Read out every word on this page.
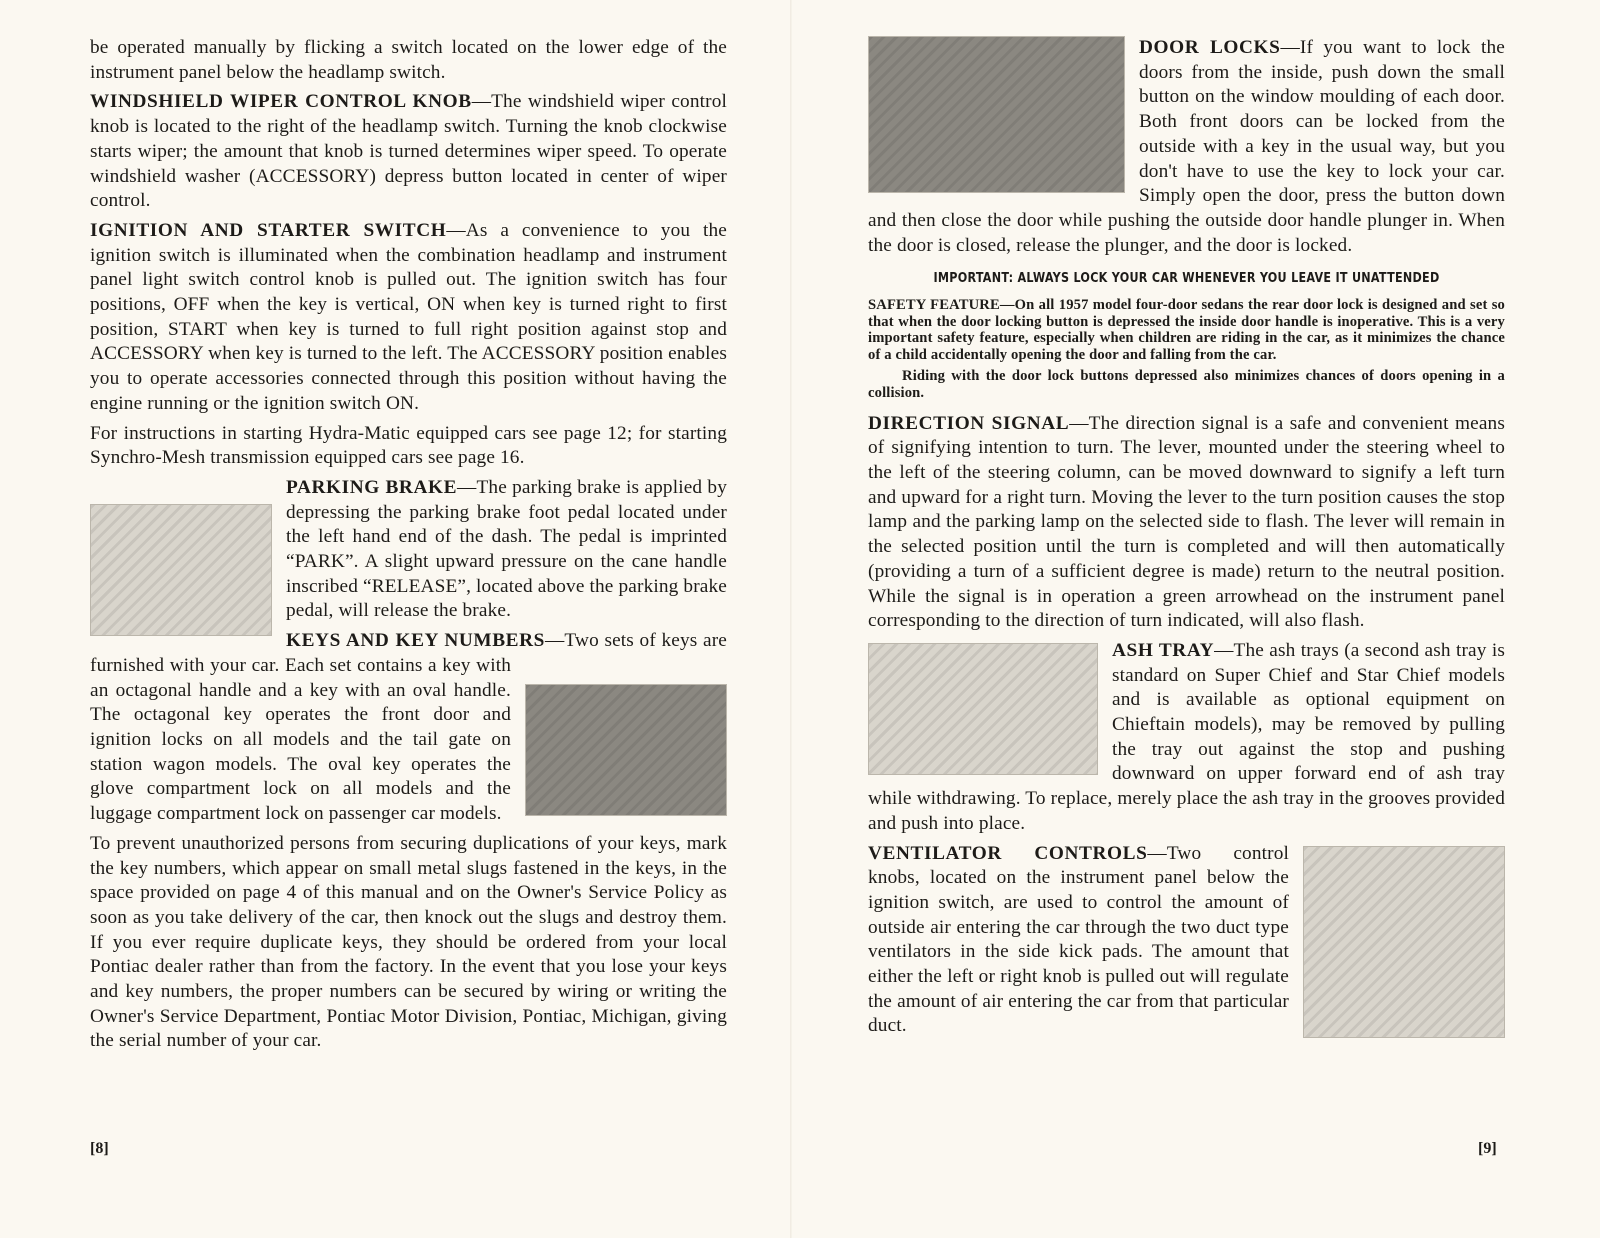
be operated manually by flicking a switch located on the lower edge of the instrument panel below the headlamp switch.

WINDSHIELD WIPER CONTROL KNOB—The windshield wiper control knob is located to the right of the headlamp switch. Turning the knob clockwise starts wiper; the amount that knob is turned determines wiper speed. To operate windshield washer (ACCESSORY) depress button located in center of wiper control.

IGNITION AND STARTER SWITCH—As a convenience to you the ignition switch is illuminated when the combination headlamp and instrument panel light switch control knob is pulled out. The ignition switch has four positions, OFF when the key is vertical, ON when key is turned right to first position, START when key is turned to full right position against stop and ACCESSORY when key is turned to the left. The ACCESSORY position enables you to operate accessories connected through this position without having the engine running or the ignition switch ON.

For instructions in starting Hydra-Matic equipped cars see page 12; for starting Synchro-Mesh transmission equipped cars see page 16.

PARKING BRAKE
—The parking brake is applied by depressing the parking brake foot pedal located under the left hand end of the dash. The pedal is imprinted “PARK”. A slight upward pressure on the cane handle inscribed “RELEASE”, located above the parking brake pedal, will release the brake.

KEYS AND KEY NUMBERS
—Two sets of keys are furnished with your car. Each set contains a key with an octagonal handle and a key with an oval handle. The octagonal key operates the front door and ignition locks on all models and the tail gate on station wagon models. The oval key operates the glove compartment lock on all models and the luggage compartment lock on passenger car models.

To prevent unauthorized persons from securing duplications of your keys, mark the key numbers, which appear on small metal slugs fastened in the keys, in the space provided on page 4 of this manual and on the Owner's Service Policy as soon as you take delivery of the car, then knock out the slugs and destroy them. If you ever require duplicate keys, they should be ordered from your local Pontiac dealer rather than from the factory. In the event that you lose your keys and key numbers, the proper numbers can be secured by wiring or writing the Owner's Service Department, Pontiac Motor Division, Pontiac, Michigan, giving the serial number of your car.

[8]

DOOR LOCKS—If you want to lock the doors from the inside, push down the small button on the window moulding of each door. Both front doors can be locked from the outside with a key in the usual way, but you don't have to use the key to lock your car. Simply open the door, press the button down and then close the door while pushing the outside door handle plunger in. When the door is closed, release the plunger, and the door is locked.

IMPORTANT: ALWAYS LOCK YOUR CAR WHENEVER YOU LEAVE IT UNATTENDED

SAFETY FEATURE—On all 1957 model four-door sedans the rear door lock is designed and set so that when the door locking button is depressed the inside door handle is inoperative. This is a very important safety feature, especially when children are riding in the car, as it minimizes the chance of a child accidentally opening the door and falling from the car.

Riding with the door lock buttons depressed also minimizes chances of doors opening in a collision.

DIRECTION SIGNAL—The direction signal is a safe and convenient means of signifying intention to turn. The lever, mounted under the steering wheel to the left of the steering column, can be moved downward to signify a left turn and upward for a right turn. Moving the lever to the turn position causes the stop lamp and the parking lamp on the selected side to flash. The lever will remain in the selected position until the turn is completed and will then automatically (providing a turn of a sufficient degree is made) return to the neutral position. While the signal is in operation a green arrowhead on the instrument panel corresponding to the direction of turn indicated, will also flash.

ASH TRAY—The ash trays (a second ash tray is standard on Super Chief and Star Chief models and is available as optional equipment on Chieftain models), may be removed by pulling the tray out against the stop and pushing downward on upper forward end of ash tray while withdrawing. To replace, merely place the ash tray in the grooves provided and push into place.

VENTILATOR CONTROLS—Two control knobs, located on the instrument panel below the ignition switch, are used to control the amount of outside air entering the car through the two duct type ventilators in the side kick pads. The amount that either the left or right knob is pulled out will regulate the amount of air entering the car from that particular duct.

[9]
